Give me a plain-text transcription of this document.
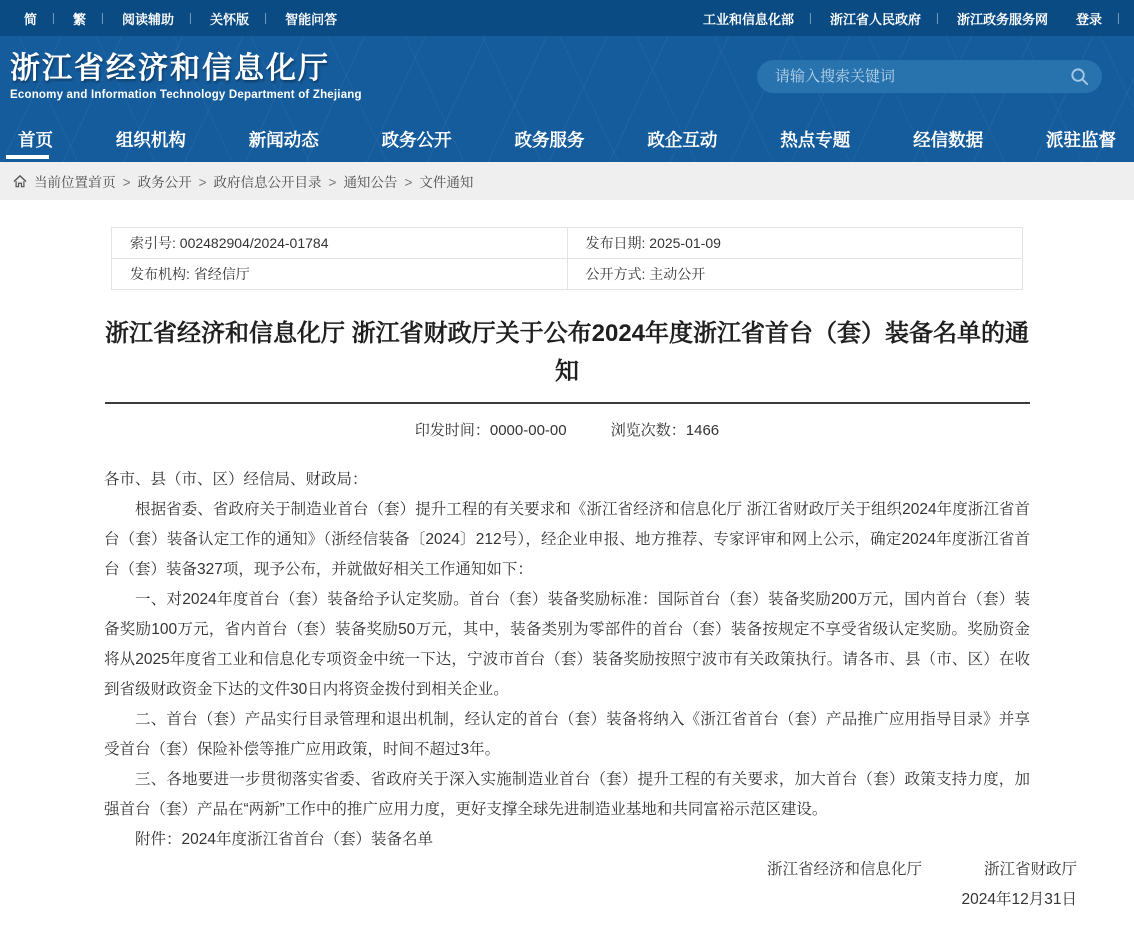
简 |	繁 |	阅读辅助 |	关怀版 |	智能问答	工业和信息化部 |	浙江省人民政府 |	浙江政务服务网	登录 |
浙江省经济和信息化厅
Economy and Information Technology Department of Zhejiang
请输入搜索关键词
首页	组织机构	新闻动态	政务公开	政务服务	政企互动	热点专题	经信数据	派驻监督
当前位置:
首页 >	政务公开 >	政府信息公开目录 >	通知公告 >	文件通知
索引号: 002482904/2024-01784	发布日期: 2025-01-09
发布机构: 省经信厅	公开方式: 主动公开
浙江省经济和信息化厅 浙江省财政厅关于公布2024年度浙江省首台（套）装备名单的通知
印发时间：0000-00-00	浏览次数：1466

各市、县（市、区）经信局、财政局：

根据省委、省政府关于制造业首台（套）提升工程的有关要求和《浙江省经济和信息化厅 浙江省财政厅关于组织2024年度浙江省首台（套）装备认定工作的通知》（浙经信装备〔2024〕212号），经企业申报、地方推荐、专家评审和网上公示，确定2024年度浙江省首台（套）装备327项，现予公布，并就做好相关工作通知如下：

一、对2024年度首台（套）装备给予认定奖励。首台（套）装备奖励标准：国际首台（套）装备奖励200万元，国内首台（套）装备奖励100万元，省内首台（套）装备奖励50万元，其中，装备类别为零部件的首台（套）装备按规定不享受省级认定奖励。奖励资金将从2025年度省工业和信息化专项资金中统一下达，宁波市首台（套）装备奖励按照宁波市有关政策执行。请各市、县（市、区）在收到省级财政资金下达的文件30日内将资金拨付到相关企业。

二、首台（套）产品实行目录管理和退出机制，经认定的首台（套）装备将纳入《浙江省首台（套）产品推广应用指导目录》并享受首台（套）保险补偿等推广应用政策，时间不超过3年。

三、各地要进一步贯彻落实省委、省政府关于深入实施制造业首台（套）提升工程的有关要求，加大首台（套）政策支持力度，加强首台（套）产品在“两新”工作中的推广应用力度，更好支撑全球先进制造业基地和共同富裕示范区建设。

附件：2024年度浙江省首台（套）装备名单

浙江省经济和信息化厅　　　　浙江省财政厅
2024年12月31日
